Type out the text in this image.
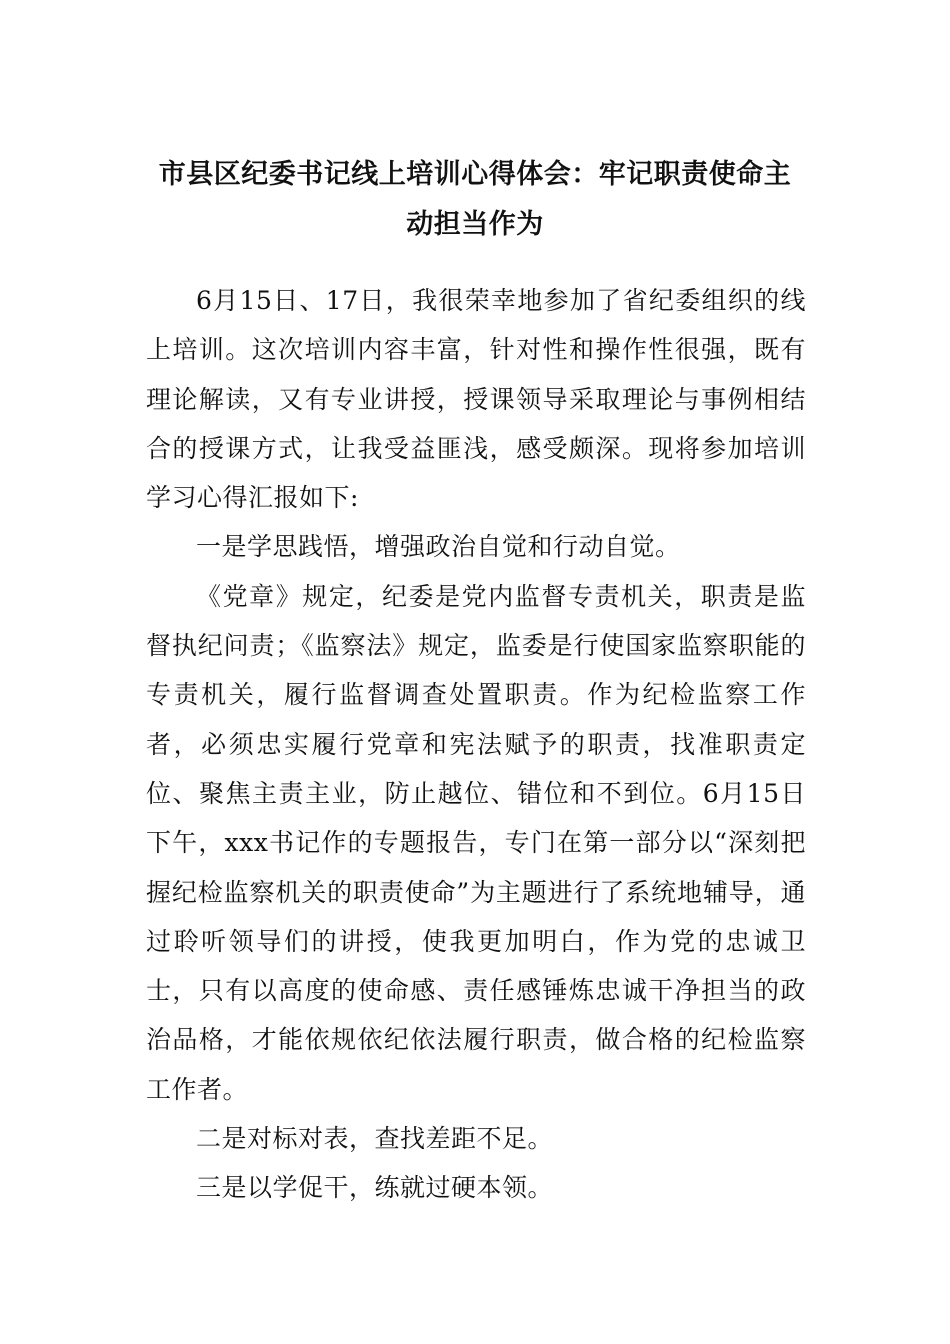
市县区纪委书记线上培训心得体会：牢记职责使命主动担当作为

6月15日、17日，我很荣幸地参加了省纪委组织的线上培训。这次培训内容丰富，针对性和操作性很强，既有理论解读，又有专业讲授，授课领导采取理论与事例相结合的授课方式，让我受益匪浅，感受颇深。现将参加培训学习心得汇报如下:

一是学思践悟，增强政治自觉和行动自觉。

《党章》规定，纪委是党内监督专责机关，职责是监督执纪问责；《监察法》规定，监委是行使国家监察职能的专责机关，履行监督调查处置职责。作为纪检监察工作者，必须忠实履行党章和宪法赋予的职责，找准职责定位、聚焦主责主业，防止越位、错位和不到位。6月15日下午，xxx书记作的专题报告，专门在第一部分以“深刻把握纪检监察机关的职责使命”为主题进行了系统地辅导，通过聆听领导们的讲授，使我更加明白，作为党的忠诚卫士，只有以高度的使命感、责任感锤炼忠诚干净担当的政治品格，才能依规依纪依法履行职责，做合格的纪检监察工作者。

二是对标对表，查找差距不足。

三是以学促干，练就过硬本领。
